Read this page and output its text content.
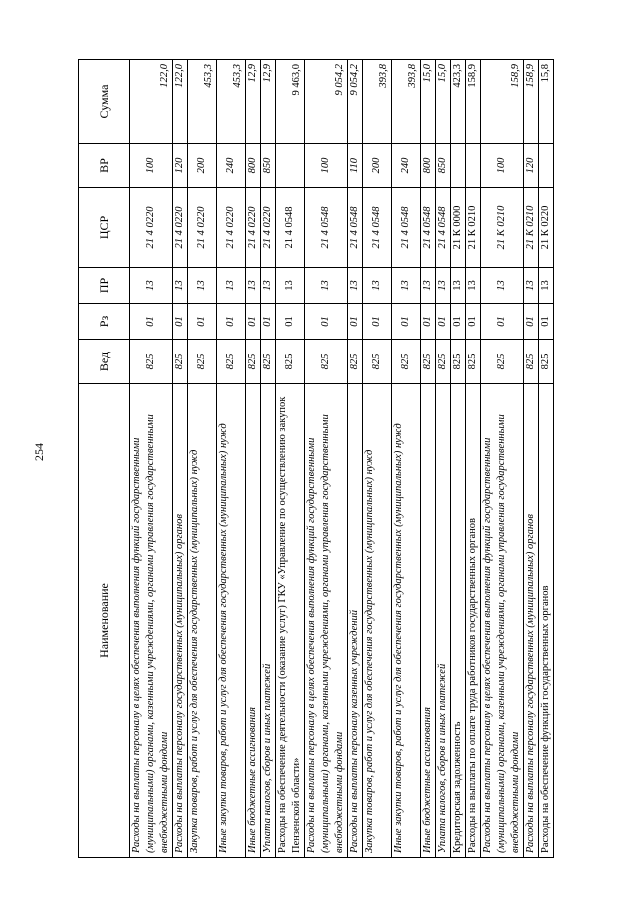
254
Наименование	Вед	Рз	ПР	ЦСР	ВР	Сумма
Расходы на выплаты персоналу в целях обеспечения выполнения функций государственными (муниципальными) органами, казенными учреждениями, органами управления государственными внебюджетными фондами	825	01	13	21 4 0220	100	122,0
Расходы на выплаты персоналу государственных (муниципальных) органов	825	01	13	21 4 0220	120	122,0
Закупка товаров, работ и услуг для обеспечения государственных (муниципальных) нужд	825	01	13	21 4 0220	200	453,3
Иные закупки товаров, работ и услуг для обеспечения государственных (муниципальных) нужд	825	01	13	21 4 0220	240	453,3
Иные бюджетные ассигнования	825	01	13	21 4 0220	800	12,9
Уплата налогов, сборов и иных платежей	825	01	13	21 4 0220	850	12,9
Расходы на обеспечение деятельности (оказание услуг) ГКУ «Управление по осуществлению закупок Пензенской области»	825	01	13	21 4 0548		9 463,0
Расходы на выплаты персоналу в целях обеспечения выполнения функций государственными (муниципальными) органами, казенными учреждениями, органами управления государственными внебюджетными фондами	825	01	13	21 4 0548	100	9 054,2
Расходы на выплаты персоналу казенных учреждений	825	01	13	21 4 0548	110	9 054,2
Закупка товаров, работ и услуг для обеспечения государственных (муниципальных) нужд	825	01	13	21 4 0548	200	393,8
Иные закупки товаров, работ и услуг для обеспечения государственных (муниципальных) нужд	825	01	13	21 4 0548	240	393,8
Иные бюджетные ассигнования	825	01	13	21 4 0548	800	15,0
Уплата налогов, сборов и иных платежей	825	01	13	21 4 0548	850	15,0
Кредиторская задолженность	825	01	13	21 К 0000		423,3
Расходы на выплаты по оплате труда работников государственных органов	825	01	13	21 К 0210		158,9
Расходы на выплаты персоналу в целях обеспечения выполнения функций государственными (муниципальными) органами, казенными учреждениями, органами управления государственными внебюджетными фондами	825	01	13	21 К 0210	100	158,9
Расходы на выплаты персоналу государственных (муниципальных) органов	825	01	13	21 К 0210	120	158,9
Расходы на обеспечение функций государственных органов	825	01	13	21 К 0220		15,8
